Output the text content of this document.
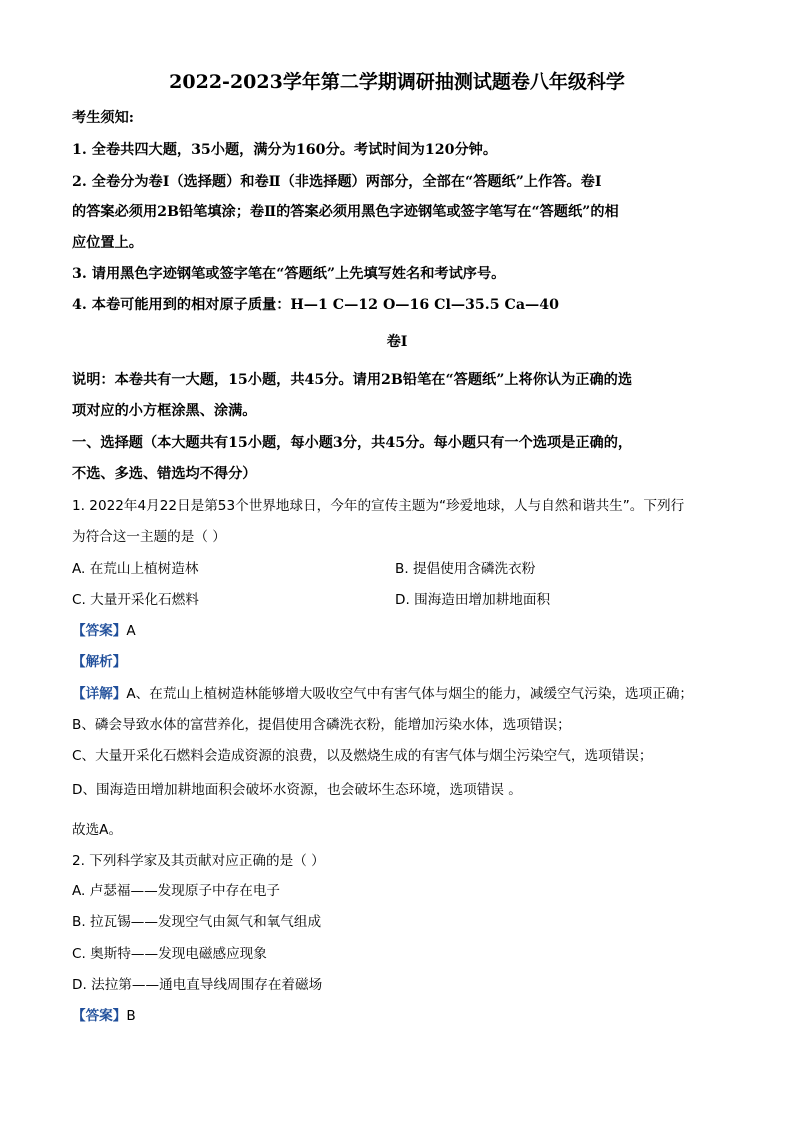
2022-2023学年第二学期调研抽测试题卷八年级科学
考生须知:
1. 全卷共四大题，35小题，满分为160分。考试时间为120分钟。
2. 全卷分为卷Ⅰ（选择题）和卷Ⅱ（非选择题）两部分，全部在“答题纸”上作答。卷Ⅰ
的答案必须用2B铅笔填涂；卷Ⅱ的答案必须用黑色字迹钢笔或签字笔写在“答题纸”的相
应位置上。
3. 请用黑色字迹钢笔或签字笔在“答题纸”上先填写姓名和考试序号。
4. 本卷可能用到的相对原子质量：H—1 C—12 O—16 Cl—35.5 Ca—40
卷Ⅰ
说明：本卷共有一大题，15小题，共45分。请用2B铅笔在“答题纸”上将你认为正确的选
项对应的小方框涂黑、涂满。
一、选择题（本大题共有15小题，每小题3分，共45分。每小题只有一个选项是正确的，
不选、多选、错选均不得分）
1. 2022年4月22日是第53个世界地球日，今年的宣传主题为“珍爱地球，人与自然和谐共生”。下列行
为符合这一主题的是（ ）
A. 在荒山上植树造林	B. 提倡使用含磷洗衣粉
C. 大量开采化石燃料	D. 围海造田增加耕地面积
【答案】A
【解析】
【详解】A、在荒山上植树造林能够增大吸收空气中有害气体与烟尘的能力，减缓空气污染，选项正确；
B、磷会导致水体的富营养化，提倡使用含磷洗衣粉，能增加污染水体，选项错误；
C、大量开采化石燃料会造成资源的浪费，以及燃烧生成的有害气体与烟尘污染空气，选项错误；
D、围海造田增加耕地面积会破坏水资源，也会破坏生态环境，选项错误 。
故选A。
2. 下列科学家及其贡献对应正确的是（ ）
A. 卢瑟福——发现原子中存在电子
B. 拉瓦锡——发现空气由氮气和氧气组成
C. 奥斯特——发现电磁感应现象
D. 法拉第——通电直导线周围存在着磁场
【答案】B
